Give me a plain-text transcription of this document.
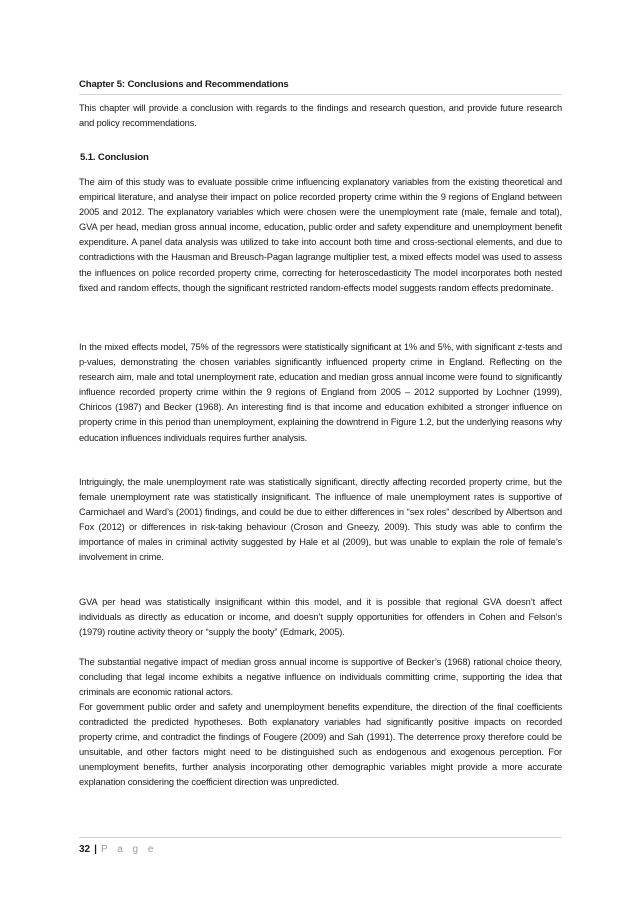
Chapter 5: Conclusions and Recommendations

This chapter will provide a conclusion with regards to the findings and research question, and provide future research and policy recommendations.

5.1. Conclusion

The aim of this study was to evaluate possible crime influencing explanatory variables from the existing theoretical and empirical literature, and analyse their impact on police recorded property crime within the 9 regions of England between 2005 and 2012. The explanatory variables which were chosen were the unemployment rate (male, female and total), GVA per head, median gross annual income, education, public order and safety expenditure and unemployment benefit expenditure. A panel data analysis was utilized to take into account both time and cross-sectional elements, and due to contradictions with the Hausman and Breusch-Pagan lagrange multiplier test, a mixed effects model was used to assess the influences on police recorded property crime, correcting for heteroscedasticity The model incorporates both nested fixed and random effects, though the significant restricted random-effects model suggests random effects predominate.

In the mixed effects model, 75% of the regressors were statistically significant at 1% and 5%, with significant z-tests and p-values, demonstrating the chosen variables significantly influenced property crime in England. Reflecting on the research aim, male and total unemployment rate, education and median gross annual income were found to significantly influence recorded property crime within the 9 regions of England from 2005 – 2012 supported by Lochner (1999), Chiricos (1987) and Becker (1968). An interesting find is that income and education exhibited a stronger influence on property crime in this period than unemployment, explaining the downtrend in Figure 1.2, but the underlying reasons why education influences individuals requires further analysis.

Intriguingly, the male unemployment rate was statistically significant, directly affecting recorded property crime, but the female unemployment rate was statistically insignificant. The influence of male unemployment rates is supportive of Carmichael and Ward’s (2001) findings, and could be due to either differences in “sex roles” described by Albertson and Fox (2012) or differences in risk-taking behaviour (Croson and Gneezy, 2009). This study was able to confirm the importance of males in criminal activity suggested by Hale et al (2009), but was unable to explain the role of female’s involvement in crime.

GVA per head was statistically insignificant within this model, and it is possible that regional GVA doesn’t affect individuals as directly as education or income, and doesn’t supply opportunities for offenders in Cohen and Felson’s (1979) routine activity theory or “supply the booty” (Edmark, 2005).

The substantial negative impact of median gross annual income is supportive of Becker’s (1968) rational choice theory, concluding that legal income exhibits a negative influence on individuals committing crime, supporting the idea that criminals are economic rational actors.

For government public order and safety and unemployment benefits expenditure, the direction of the final coefficients contradicted the predicted hypotheses. Both explanatory variables had significantly positive impacts on recorded property crime, and contradict the findings of Fougere (2009) and Sah (1991). The deterrence proxy therefore could be unsuitable, and other factors might need to be distinguished such as endogenous and exogenous perception. For unemployment benefits, further analysis incorporating other demographic variables might provide a more accurate explanation considering the coefficient direction was unpredicted.

32 | P a g e
